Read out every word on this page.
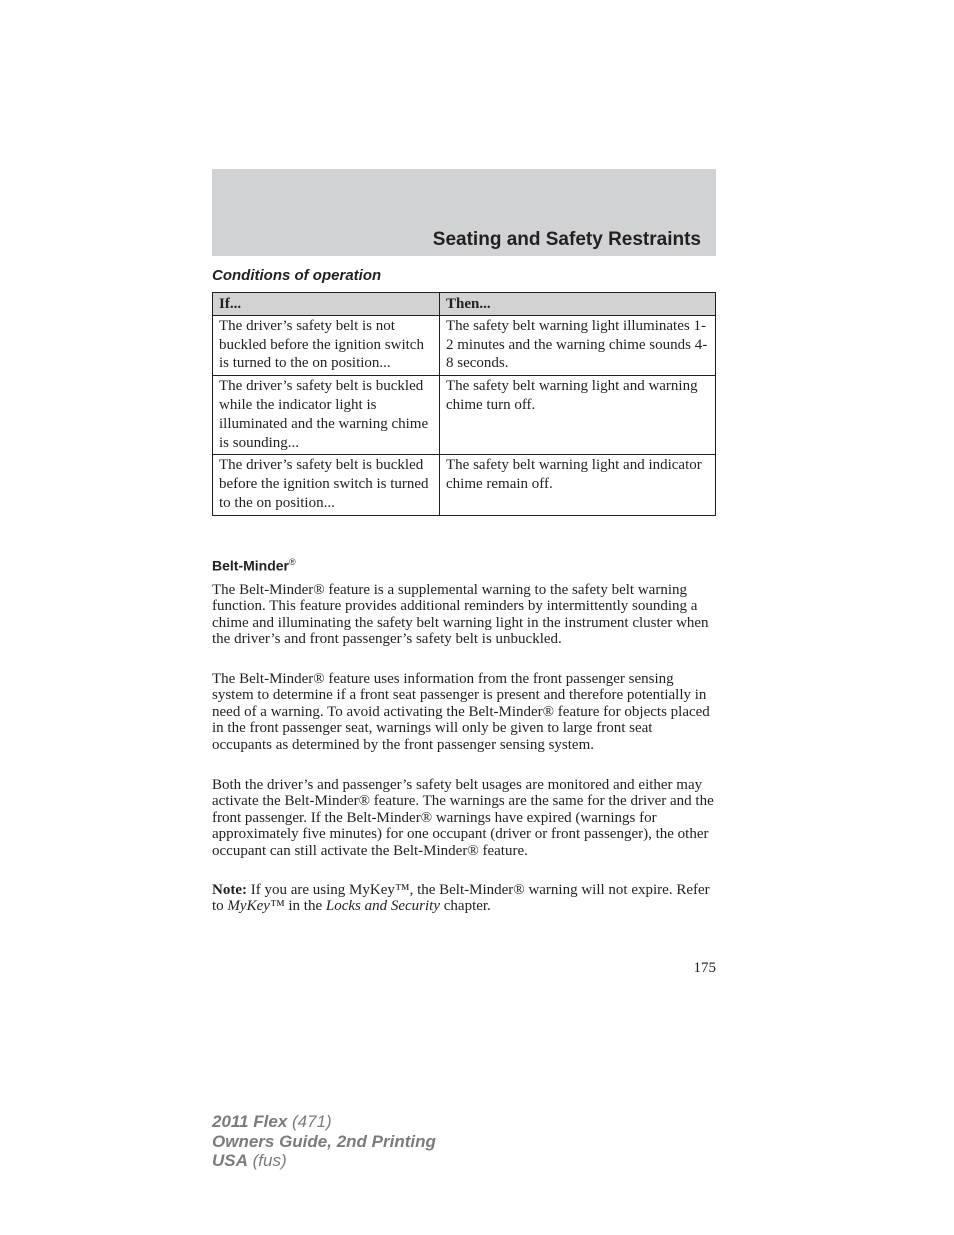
Seating and Safety Restraints
Conditions of operation
If...	Then...
The driver’s safety belt is not buckled before the ignition switch is turned to the on position...	The safety belt warning light illuminates 1-2 minutes and the warning chime sounds 4-8 seconds.
The driver’s safety belt is buckled while the indicator light is illuminated and the warning chime is sounding...	The safety belt warning light and warning chime turn off.
The driver’s safety belt is buckled before the ignition switch is turned to the on position...	The safety belt warning light and indicator chime remain off.
Belt-Minder®

The Belt-Minder® feature is a supplemental warning to the safety belt warning function. This feature provides additional reminders by intermittently sounding a chime and illuminating the safety belt warning light in the instrument cluster when the driver’s and front passenger’s safety belt is unbuckled.

The Belt-Minder® feature uses information from the front passenger sensing system to determine if a front seat passenger is present and therefore potentially in need of a warning. To avoid activating the Belt-Minder® feature for objects placed in the front passenger seat, warnings will only be given to large front seat occupants as determined by the front passenger sensing system.

Both the driver’s and passenger’s safety belt usages are monitored and either may activate the Belt-Minder® feature. The warnings are the same for the driver and the front passenger. If the Belt-Minder® warnings have expired (warnings for approximately five minutes) for one occupant (driver or front passenger), the other occupant can still activate the Belt-Minder® feature.

Note: If you are using MyKey™, the Belt-Minder® warning will not expire. Refer to MyKey™ in the Locks and Security chapter.

175
2011 Flex (471)
Owners Guide, 2nd Printing
USA (fus)
